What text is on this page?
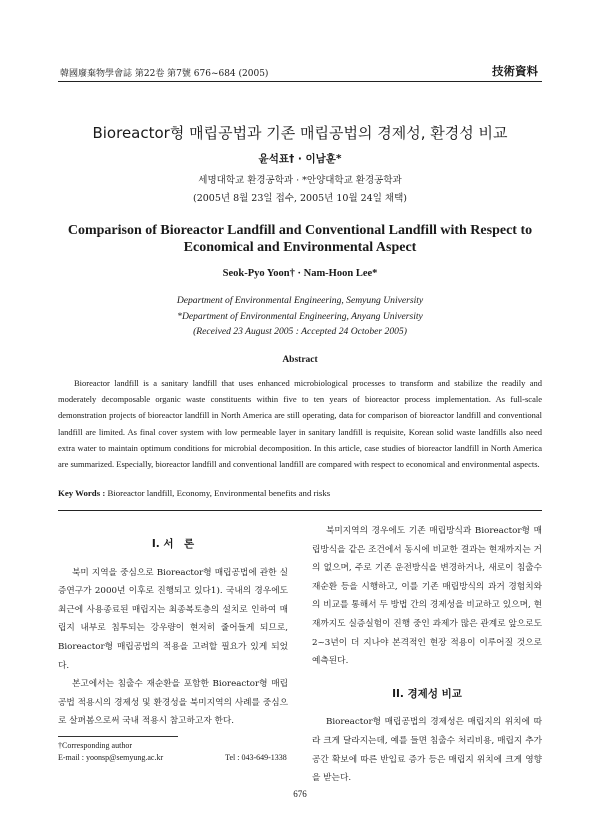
韓國廢棄物學會誌 第22卷 第7號 676~684 (2005)	技術資料
Bioreactor형 매립공법과 기존 매립공법의 경제성, 환경성 비교
윤석표† · 이남훈*
세명대학교 환경공학과 · *안양대학교 환경공학과
(2005년 8월 23일 접수, 2005년 10월 24일 채택)
Comparison of Bioreactor Landfill and Conventional Landfill with Respect to
Economical and Environmental Aspect
Seok-Pyo Yoon† · Nam-Hoon Lee*
Department of Environmental Engineering, Semyung University
*Department of Environmental Engineering, Anyang University
(Received 23 August 2005 : Accepted 24 October 2005)
Abstract
Bioreactor landfill is a sanitary landfill that uses enhanced microbiological processes to transform and stabilize the readily and moderately decomposable organic waste constituents within five to ten years of bioreactor process implementation. As full-scale demonstration projects of bioreactor landfill in North America are still operating, data for comparison of bioreactor landfill and conventional landfill are limited. As final cover system with low permeable layer in sanitary landfill is requisite, Korean solid waste landfills also need extra water to maintain optimum conditions for microbial decomposition. In this article, case studies of bioreactor landfill in North America are summarized. Especially, bioreactor landfill and conventional landfill are compared with respect to economical and environmental aspects.
Key Words : Bioreactor landfill, Economy, Environmental benefits and risks
I. 서　론

북미 지역을 중심으로 Bioreactor형 매립공법에 관한 실증연구가 2000년 이후로 진행되고 있다1). 국내의 경우에도 최근에 사용종료된 매립지는 최종복토층의 설치로 인하여 매립지 내부로 침투되는 강우량이 현저히 줄어들게 되므로, Bioreactor형 매립공법의 적용을 고려할 필요가 있게 되었다.

본고에서는 침출수 재순환을 포함한 Bioreactor형 매립공법 적용시의 경제성 및 환경성을 북미지역의 사례를 중심으로 살펴봄으로써 국내 적용시 참고하고자 한다.

북미지역의 경우에도 기존 매립방식과 Bioreactor형 매립방식을 같은 조건에서 동시에 비교한 결과는 현재까지는 거의 없으며, 주로 기존 운전방식을 변경하거나, 새로이 침출수 재순환 등을 시행하고, 이를 기존 매립방식의 과거 경험치와의 비교를 통해서 두 방법 간의 경제성을 비교하고 있으며, 현재까지도 실증실험이 진행 중인 과제가 많은 관계로 앞으로도 2~3년이 더 지나야 본격적인 현장 적용이 이루어질 것으로 예측된다.

II. 경제성 비교

Bioreactor형 매립공법의 경제성은 매립지의 위치에 따라 크게 달라지는데, 예를 들면 침출수 처리비용, 매립지 추가공간 확보에 따른 반입료 증가 등은 매립지 위치에 크게 영향을 받는다.

†Corresponding author
E-mail : yoonsp@semyung.ac.kr	Tel : 043-649-1338
676
